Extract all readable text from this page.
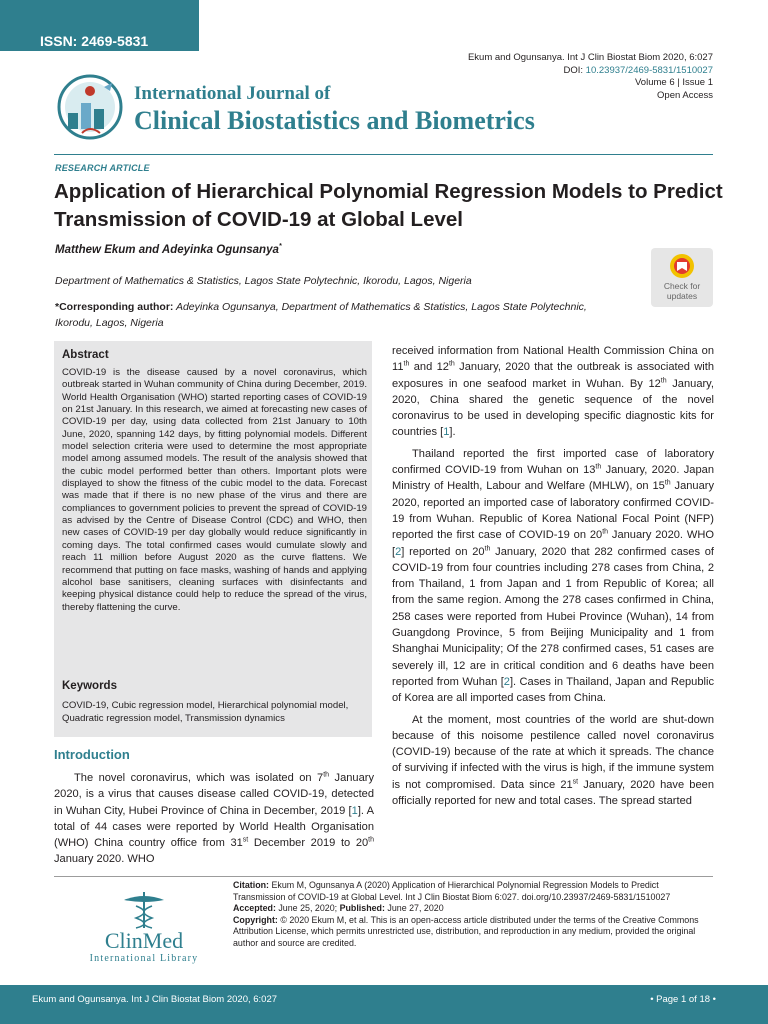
ISSN: 2469-5831
Ekum and Ogunsanya. Int J Clin Biostat Biom 2020, 6:027
DOI: 10.23937/2469-5831/1510027
Volume 6 | Issue 1
Open Access
International Journal of
Clinical Biostatistics and Biometrics
RESEARCH ARTICLE
Application of Hierarchical Polynomial Regression Models to Predict Transmission of COVID-19 at Global Level
Matthew Ekum and Adeyinka Ogunsanya*
Department of Mathematics & Statistics, Lagos State Polytechnic, Ikorodu, Lagos, Nigeria
*Corresponding author: Adeyinka Ogunsanya, Department of Mathematics & Statistics, Lagos State Polytechnic, Ikorodu, Lagos, Nigeria
Check for updates
Abstract
COVID-19 is the disease caused by a novel coronavirus, which outbreak started in Wuhan community of China during December, 2019. World Health Organisation (WHO) started reporting cases of COVID-19 on 21st January. In this research, we aimed at forecasting new cases of COVID-19 per day, using data collected from 21st January to 10th June, 2020, spanning 142 days, by fitting polynomial models. Different model selection criteria were used to determine the most appropriate model among assumed models. The result of the analysis showed that the cubic model performed better than others. Important plots were displayed to show the fitness of the cubic model to the data. Forecast was made that if there is no new phase of the virus and there are compliances to government policies to prevent the spread of COVID-19 as advised by the Centre of Disease Control (CDC) and WHO, then new cases of COVID-19 per day globally would reduce significantly in coming days. The total confirmed cases would cumulate slowly and reach 11 million before August 2020 as the curve flattens. We recommend that putting on face masks, washing of hands and applying alcohol base sanitisers, cleaning surfaces with disinfectants and keeping physical distance could help to reduce the spread of the virus, thereby flattening the curve.
Keywords
COVID-19, Cubic regression model, Hierarchical polynomial model, Quadratic regression model, Transmission dynamics
Introduction

The novel coronavirus, which was isolated on 7th January 2020, is a virus that causes disease called COVID-19, detected in Wuhan City, Hubei Province of China in December, 2019 [1]. A total of 44 cases were reported by World Health Organisation (WHO) China country office from 31st December 2019 to 20th January 2020. WHO

received information from National Health Commission China on 11th and 12th January, 2020 that the outbreak is associated with exposures in one seafood market in Wuhan. By 12th January, 2020, China shared the genetic sequence of the novel coronavirus to be used in developing specific diagnostic kits for countries [1].

Thailand reported the first imported case of laboratory confirmed COVID-19 from Wuhan on 13th January, 2020. Japan Ministry of Health, Labour and Welfare (MHLW), on 15th January 2020, reported an imported case of laboratory confirmed COVID-19 from Wuhan. Republic of Korea National Focal Point (NFP) reported the first case of COVID-19 on 20th January 2020. WHO [2] reported on 20th January, 2020 that 282 confirmed cases of COVID-19 from four countries including 278 cases from China, 2 from Thailand, 1 from Japan and 1 from Republic of Korea; all from the same region. Among the 278 cases confirmed in China, 258 cases were reported from Hubei Province (Wuhan), 14 from Guangdong Province, 5 from Beijing Municipality and 1 from Shanghai Municipality; Of the 278 confirmed cases, 51 cases are severely ill, 12 are in critical condition and 6 deaths have been reported from Wuhan [2]. Cases in Thailand, Japan and Republic of Korea are all imported cases from China.

At the moment, most countries of the world are shut-down because of this noisome pestilence called novel coronavirus (COVID-19) because of the rate at which it spreads. The chance of surviving if infected with the virus is high, if the immune system is not compromised. Data since 21st January, 2020 have been officially reported for new and total cases. The spread started

ClinMed
International Library
Citation: Ekum M, Ogunsanya A (2020) Application of Hierarchical Polynomial Regression Models to Predict Transmission of COVID-19 at Global Level. Int J Clin Biostat Biom 6:027. doi.org/10.23937/2469-5831/1510027
Accepted: June 25, 2020; Published: June 27, 2020
Copyright: © 2020 Ekum M, et al. This is an open-access article distributed under the terms of the Creative Commons Attribution License, which permits unrestricted use, distribution, and reproduction in any medium, provided the original author and source are credited.
Ekum and Ogunsanya. Int J Clin Biostat Biom 2020, 6:027	• Page 1 of 18 •
